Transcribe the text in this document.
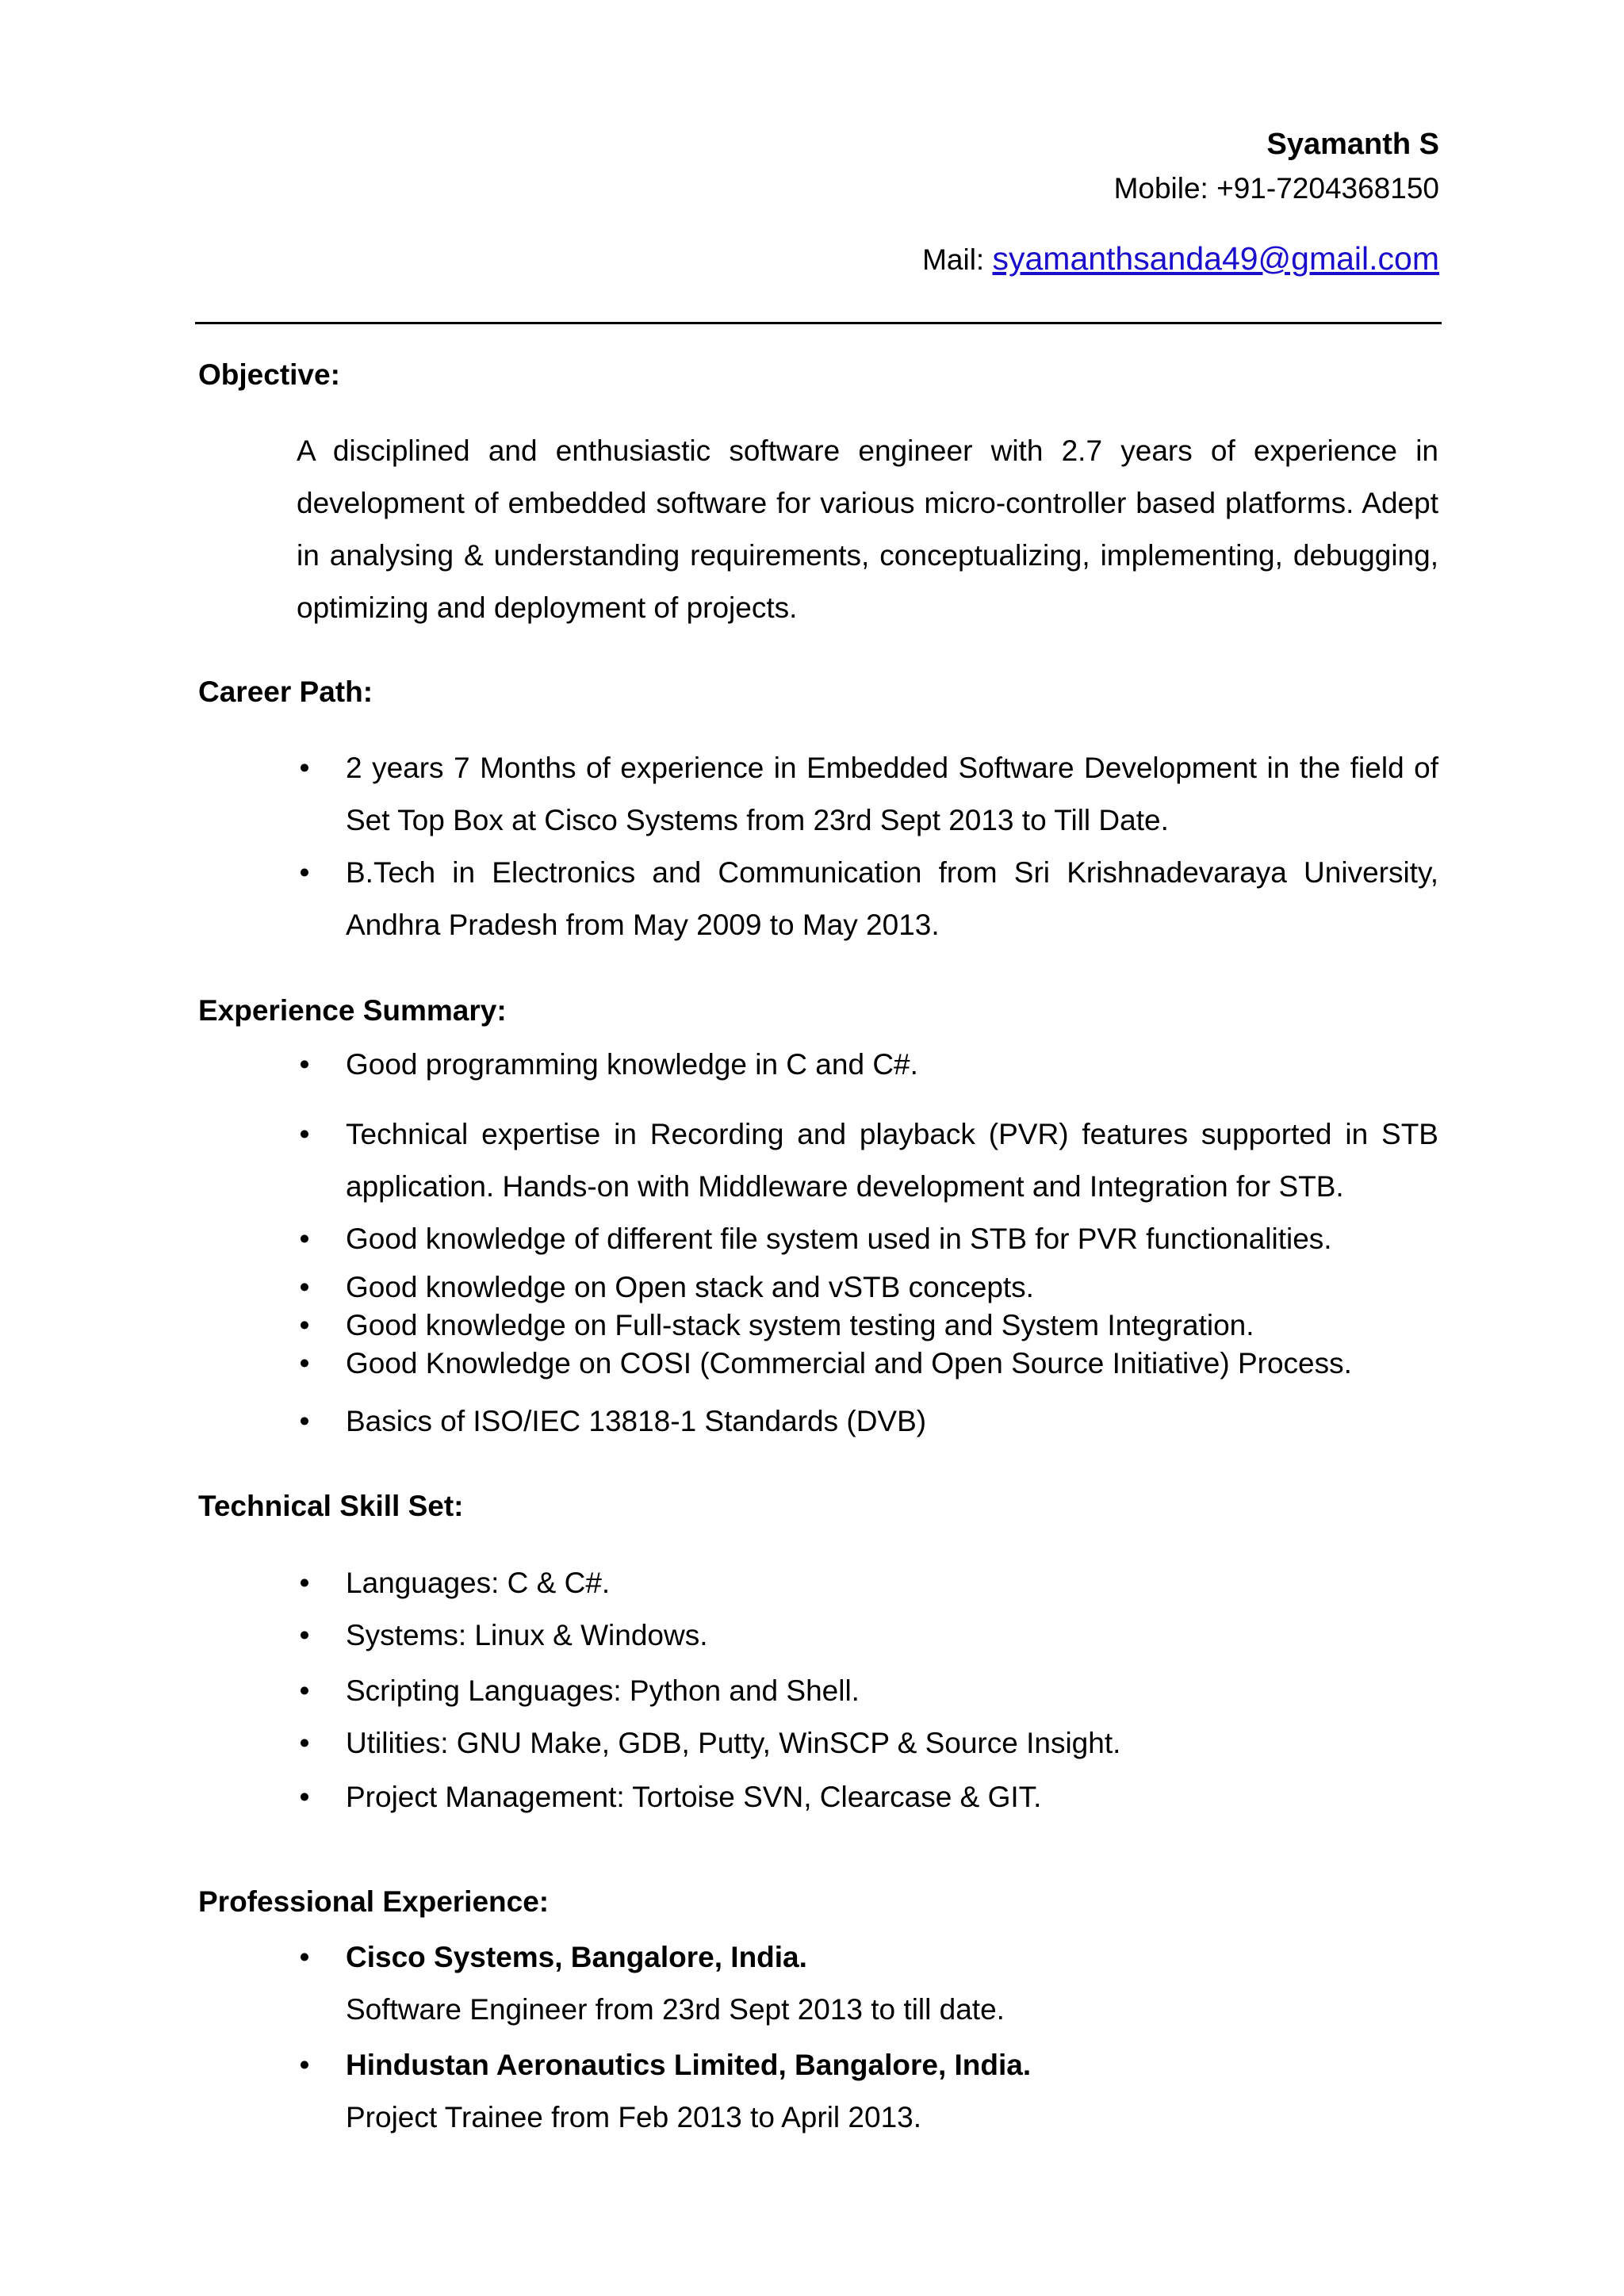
Syamanth S
Mobile: +91-7204368150
Mail: syamanthsanda49@gmail.com
Objective:
A disciplined and enthusiastic software engineer with 2.7 years of experience in development of embedded software for various micro-controller based platforms. Adept in analysing & understanding requirements, conceptualizing, implementing, debugging, optimizing and deployment of projects.
Career Path:
• 2 years 7 Months of experience in Embedded Software Development in the field of Set Top Box at Cisco Systems from 23rd Sept 2013 to Till Date.
• B.Tech in Electronics and Communication from Sri Krishnadevaraya University, Andhra Pradesh from May 2009 to May 2013.
Experience Summary:
• Good programming knowledge in C and C#.
• Technical expertise in Recording and playback (PVR) features supported in STB application. Hands-on with Middleware development and Integration for STB.
• Good knowledge of different file system used in STB for PVR functionalities.
• Good knowledge on Open stack and vSTB concepts.
• Good knowledge on Full-stack system testing and System Integration.
• Good Knowledge on COSI (Commercial and Open Source Initiative) Process.
• Basics of ISO/IEC 13818-1 Standards (DVB)
Technical Skill Set:
• Languages: C & C#.
• Systems: Linux & Windows.
• Scripting Languages: Python and Shell.
• Utilities: GNU Make, GDB, Putty, WinSCP & Source Insight.
• Project Management: Tortoise SVN, Clearcase & GIT.
Professional Experience:
• Cisco Systems, Bangalore, India.
Software Engineer from 23rd Sept 2013 to till date.
• Hindustan Aeronautics Limited, Bangalore, India.
Project Trainee from Feb 2013 to April 2013.
